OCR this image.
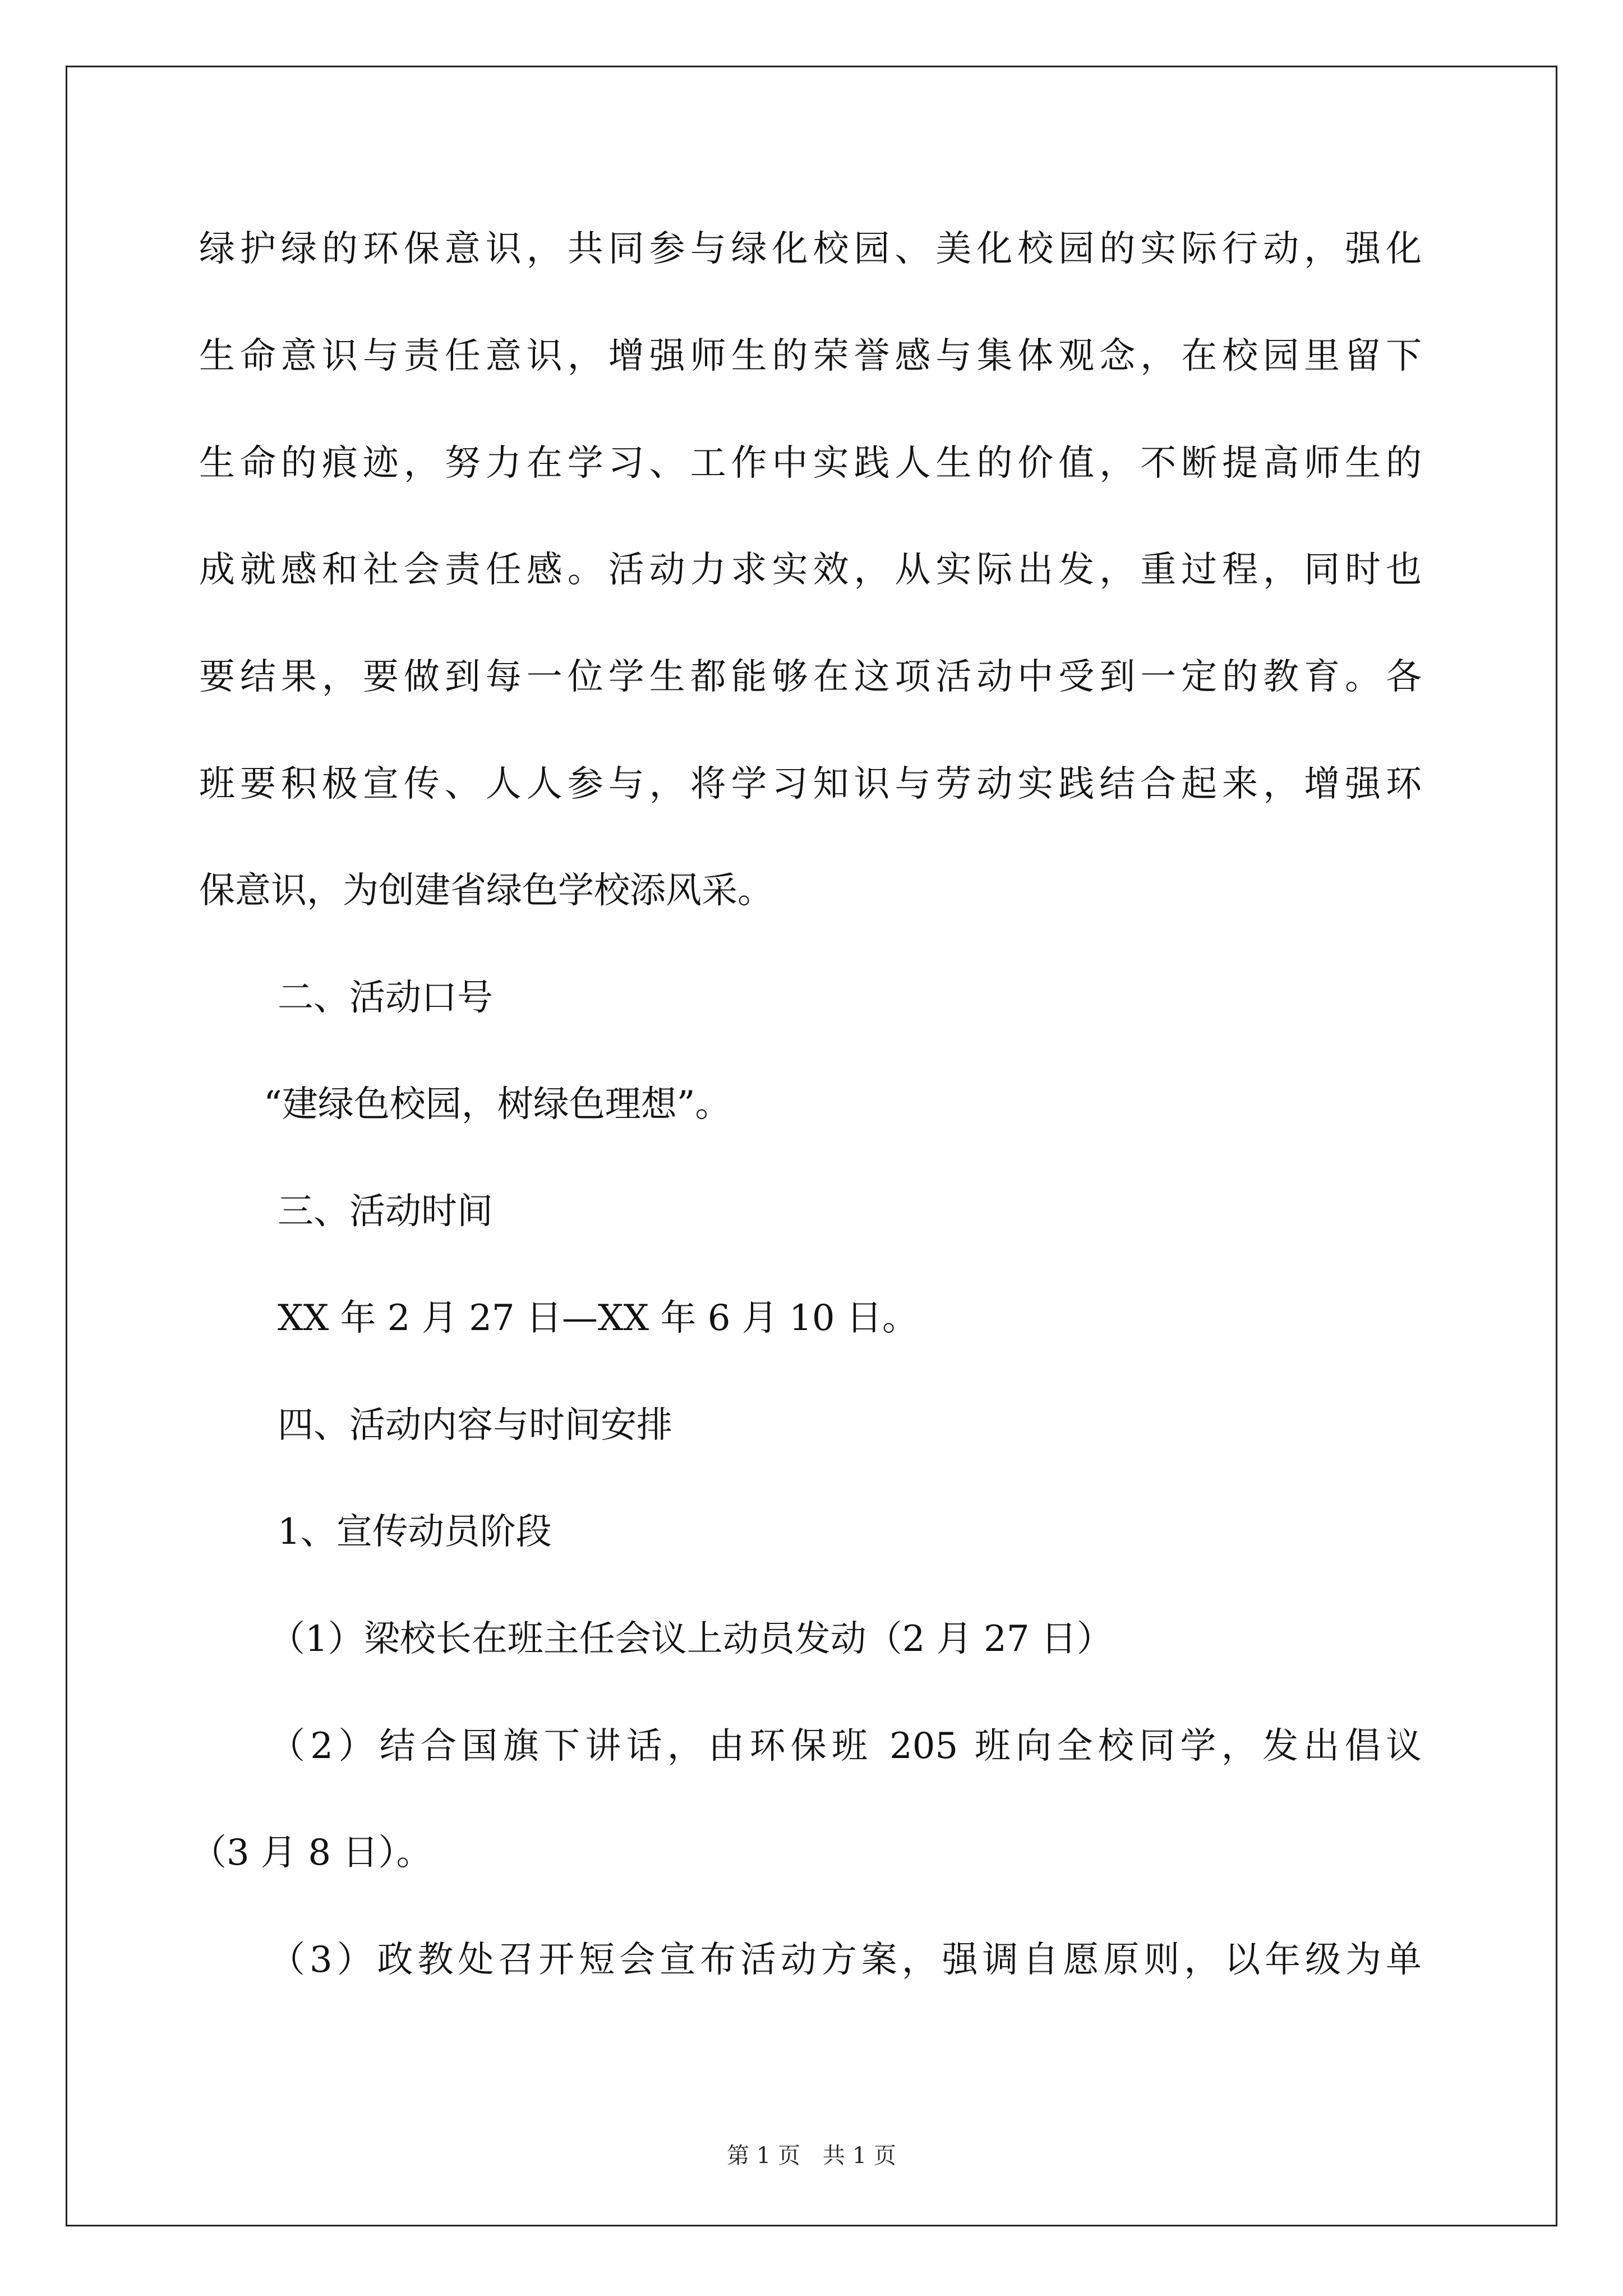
绿护绿的环保意识，共同参与绿化校园、美化校园的实际行动，强化
生命意识与责任意识，增强师生的荣誉感与集体观念，在校园里留下
生命的痕迹，努力在学习、工作中实践人生的价值，不断提高师生的
成就感和社会责任感。活动力求实效，从实际出发，重过程，同时也
要结果，要做到每一位学生都能够在这项活动中受到一定的教育。各
班要积极宣传、人人参与，将学习知识与劳动实践结合起来，增强环
保意识，为创建省绿色学校添风采。
二、活动口号
“建绿色校园，树绿色理想”。
三、活动时间
XX 年 2 月 27 日—XX 年 6 月 10 日。
四、活动内容与时间安排
1、宣传动员阶段
（1）梁校长在班主任会议上动员发动（2 月 27 日）
（2）结合国旗下讲话，由环保班 205 班向全校同学，发出倡议
（3 月 8 日）。
（3）政教处召开短会宣布活动方案，强调自愿原则，以年级为单
第 1 页　共 1 页
